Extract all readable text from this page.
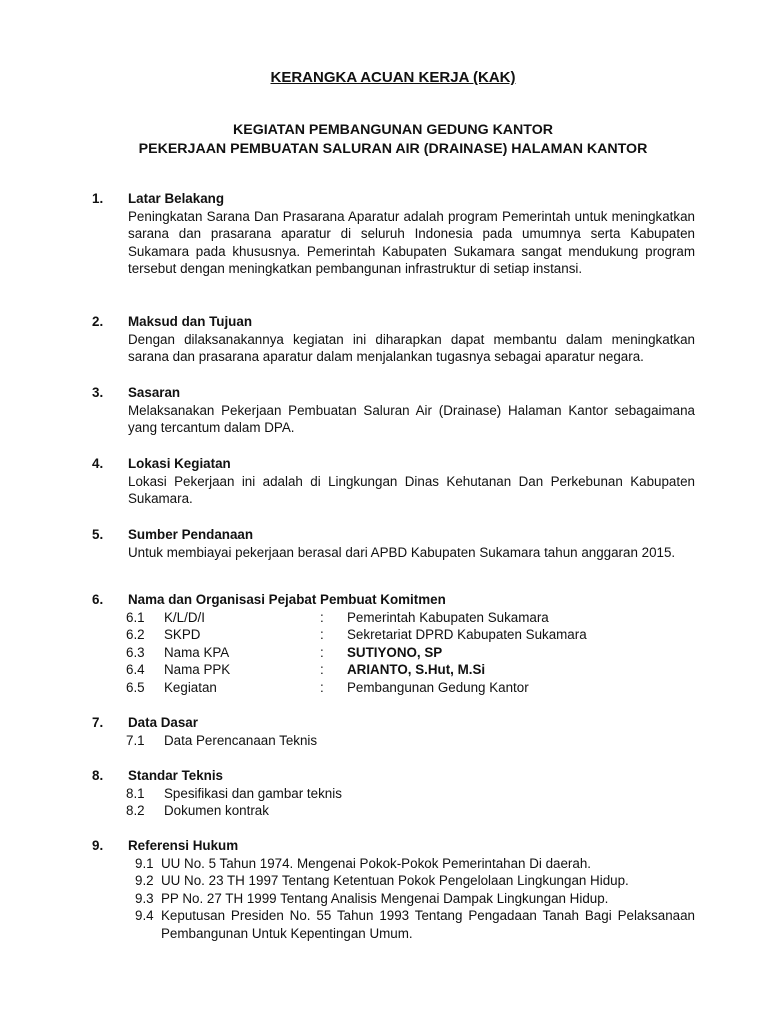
KERANGKA ACUAN KERJA (KAK)
KEGIATAN PEMBANGUNAN GEDUNG KANTOR
PEKERJAAN PEMBUATAN SALURAN AIR (DRAINASE) HALAMAN KANTOR
1. Latar Belakang
Peningkatan Sarana Dan Prasarana Aparatur adalah program Pemerintah untuk meningkatkan sarana dan prasarana aparatur di seluruh Indonesia pada umumnya serta Kabupaten Sukamara pada khususnya. Pemerintah Kabupaten Sukamara sangat mendukung program tersebut dengan meningkatkan pembangunan infrastruktur di setiap instansi.
2. Maksud dan Tujuan
Dengan dilaksanakannya kegiatan ini diharapkan dapat membantu dalam meningkatkan sarana dan prasarana aparatur dalam menjalankan tugasnya sebagai aparatur negara.
3. Sasaran
Melaksanakan Pekerjaan Pembuatan Saluran Air (Drainase) Halaman Kantor sebagaimana yang tercantum dalam DPA.
4. Lokasi Kegiatan
Lokasi Pekerjaan ini adalah di Lingkungan Dinas Kehutanan Dan Perkebunan Kabupaten Sukamara.
5. Sumber Pendanaan
Untuk membiayai pekerjaan berasal dari APBD Kabupaten Sukamara tahun anggaran 2015.
6. Nama dan Organisasi Pejabat Pembuat Komitmen
6.1 K/L/D/I	: Pemerintah Kabupaten Sukamara
6.2 SKPD	: Sekretariat DPRD Kabupaten Sukamara
6.3 Nama KPA	: SUTIYONO, SP
6.4 Nama PPK	: ARIANTO, S.Hut, M.Si
6.5 Kegiatan	: Pembangunan Gedung Kantor
7. Data Dasar
7.1 Data Perencanaan Teknis
8. Standar Teknis
8.1 Spesifikasi dan gambar teknis
8.2 Dokumen kontrak
9. Referensi Hukum
9.1 UU No. 5 Tahun 1974. Mengenai Pokok-Pokok Pemerintahan Di daerah.
9.2 UU No. 23 TH 1997 Tentang Ketentuan Pokok Pengelolaan Lingkungan Hidup.
9.3 PP No. 27 TH 1999 Tentang Analisis Mengenai Dampak Lingkungan Hidup.
9.4 Keputusan Presiden No. 55 Tahun 1993 Tentang Pengadaan Tanah Bagi Pelaksanaan Pembangunan Untuk Kepentingan Umum.
